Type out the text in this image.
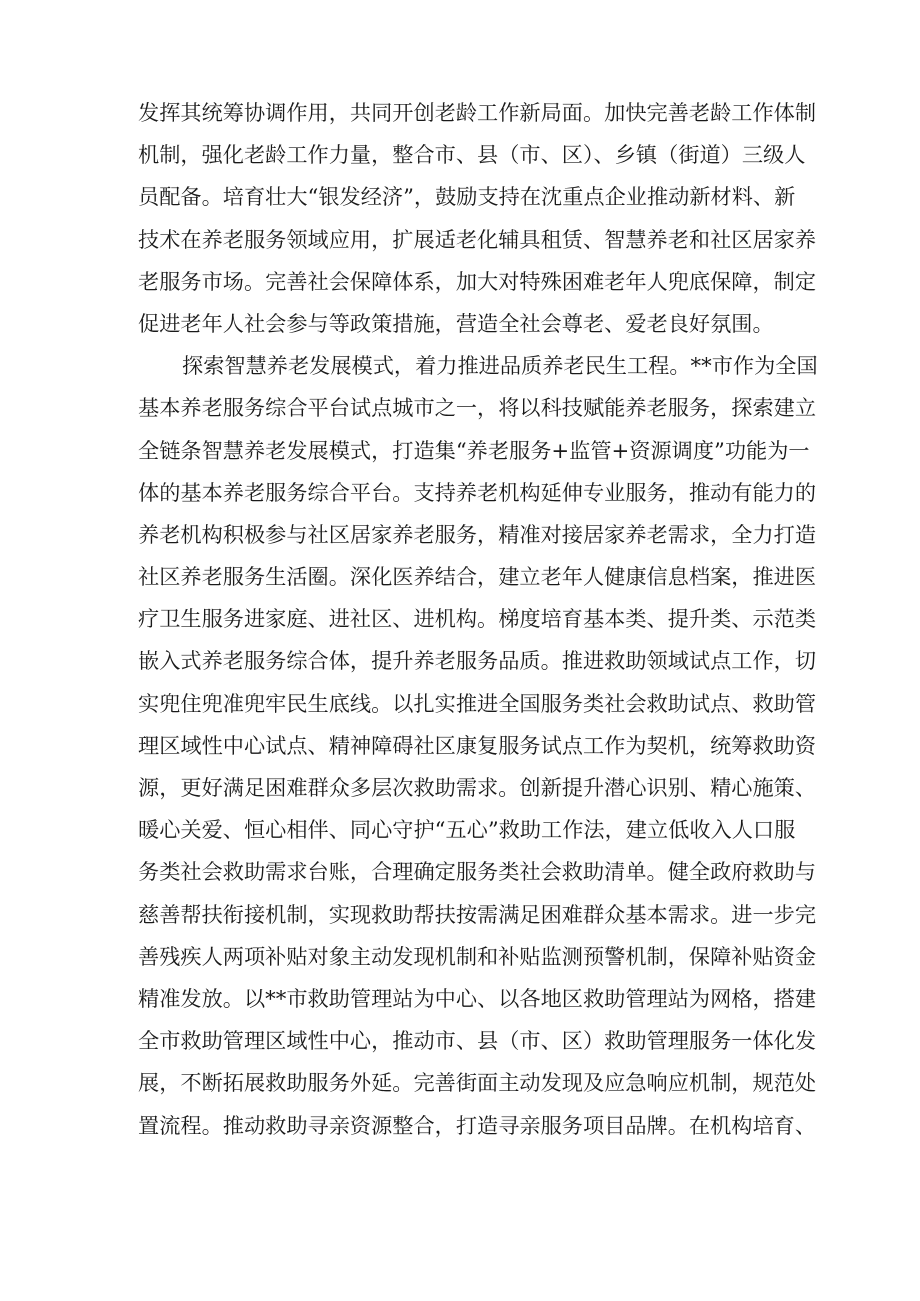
发挥其统筹协调作用，共同开创老龄工作新局面。加快完善老龄工作体制
机制，强化老龄工作力量，整合市、县（市、区）、乡镇（街道）三级人
员配备。培育壮大“银发经济”，鼓励支持在沈重点企业推动新材料、新
技术在养老服务领域应用，扩展适老化辅具租赁、智慧养老和社区居家养
老服务市场。完善社会保障体系，加大对特殊困难老年人兜底保障，制定
促进老年人社会参与等政策措施，营造全社会尊老、爱老良好氛围。
探索智慧养老发展模式，着力推进品质养老民生工程。**市作为全国
基本养老服务综合平台试点城市之一，将以科技赋能养老服务，探索建立
全链条智慧养老发展模式，打造集“养老服务+监管+资源调度”功能为一
体的基本养老服务综合平台。支持养老机构延伸专业服务，推动有能力的
养老机构积极参与社区居家养老服务，精准对接居家养老需求，全力打造
社区养老服务生活圈。深化医养结合，建立老年人健康信息档案，推进医
疗卫生服务进家庭、进社区、进机构。梯度培育基本类、提升类、示范类
嵌入式养老服务综合体，提升养老服务品质。推进救助领域试点工作，切
实兜住兜准兜牢民生底线。以扎实推进全国服务类社会救助试点、救助管
理区域性中心试点、精神障碍社区康复服务试点工作为契机，统筹救助资
源，更好满足困难群众多层次救助需求。创新提升潜心识别、精心施策、
暖心关爱、恒心相伴、同心守护“五心”救助工作法，建立低收入人口服
务类社会救助需求台账，合理确定服务类社会救助清单。健全政府救助与
慈善帮扶衔接机制，实现救助帮扶按需满足困难群众基本需求。进一步完
善残疾人两项补贴对象主动发现机制和补贴监测预警机制，保障补贴资金
精准发放。以**市救助管理站为中心、以各地区救助管理站为网格，搭建
全市救助管理区域性中心，推动市、县（市、区）救助管理服务一体化发
展，不断拓展救助服务外延。完善街面主动发现及应急响应机制，规范处
置流程。推动救助寻亲资源整合，打造寻亲服务项目品牌。在机构培育、
